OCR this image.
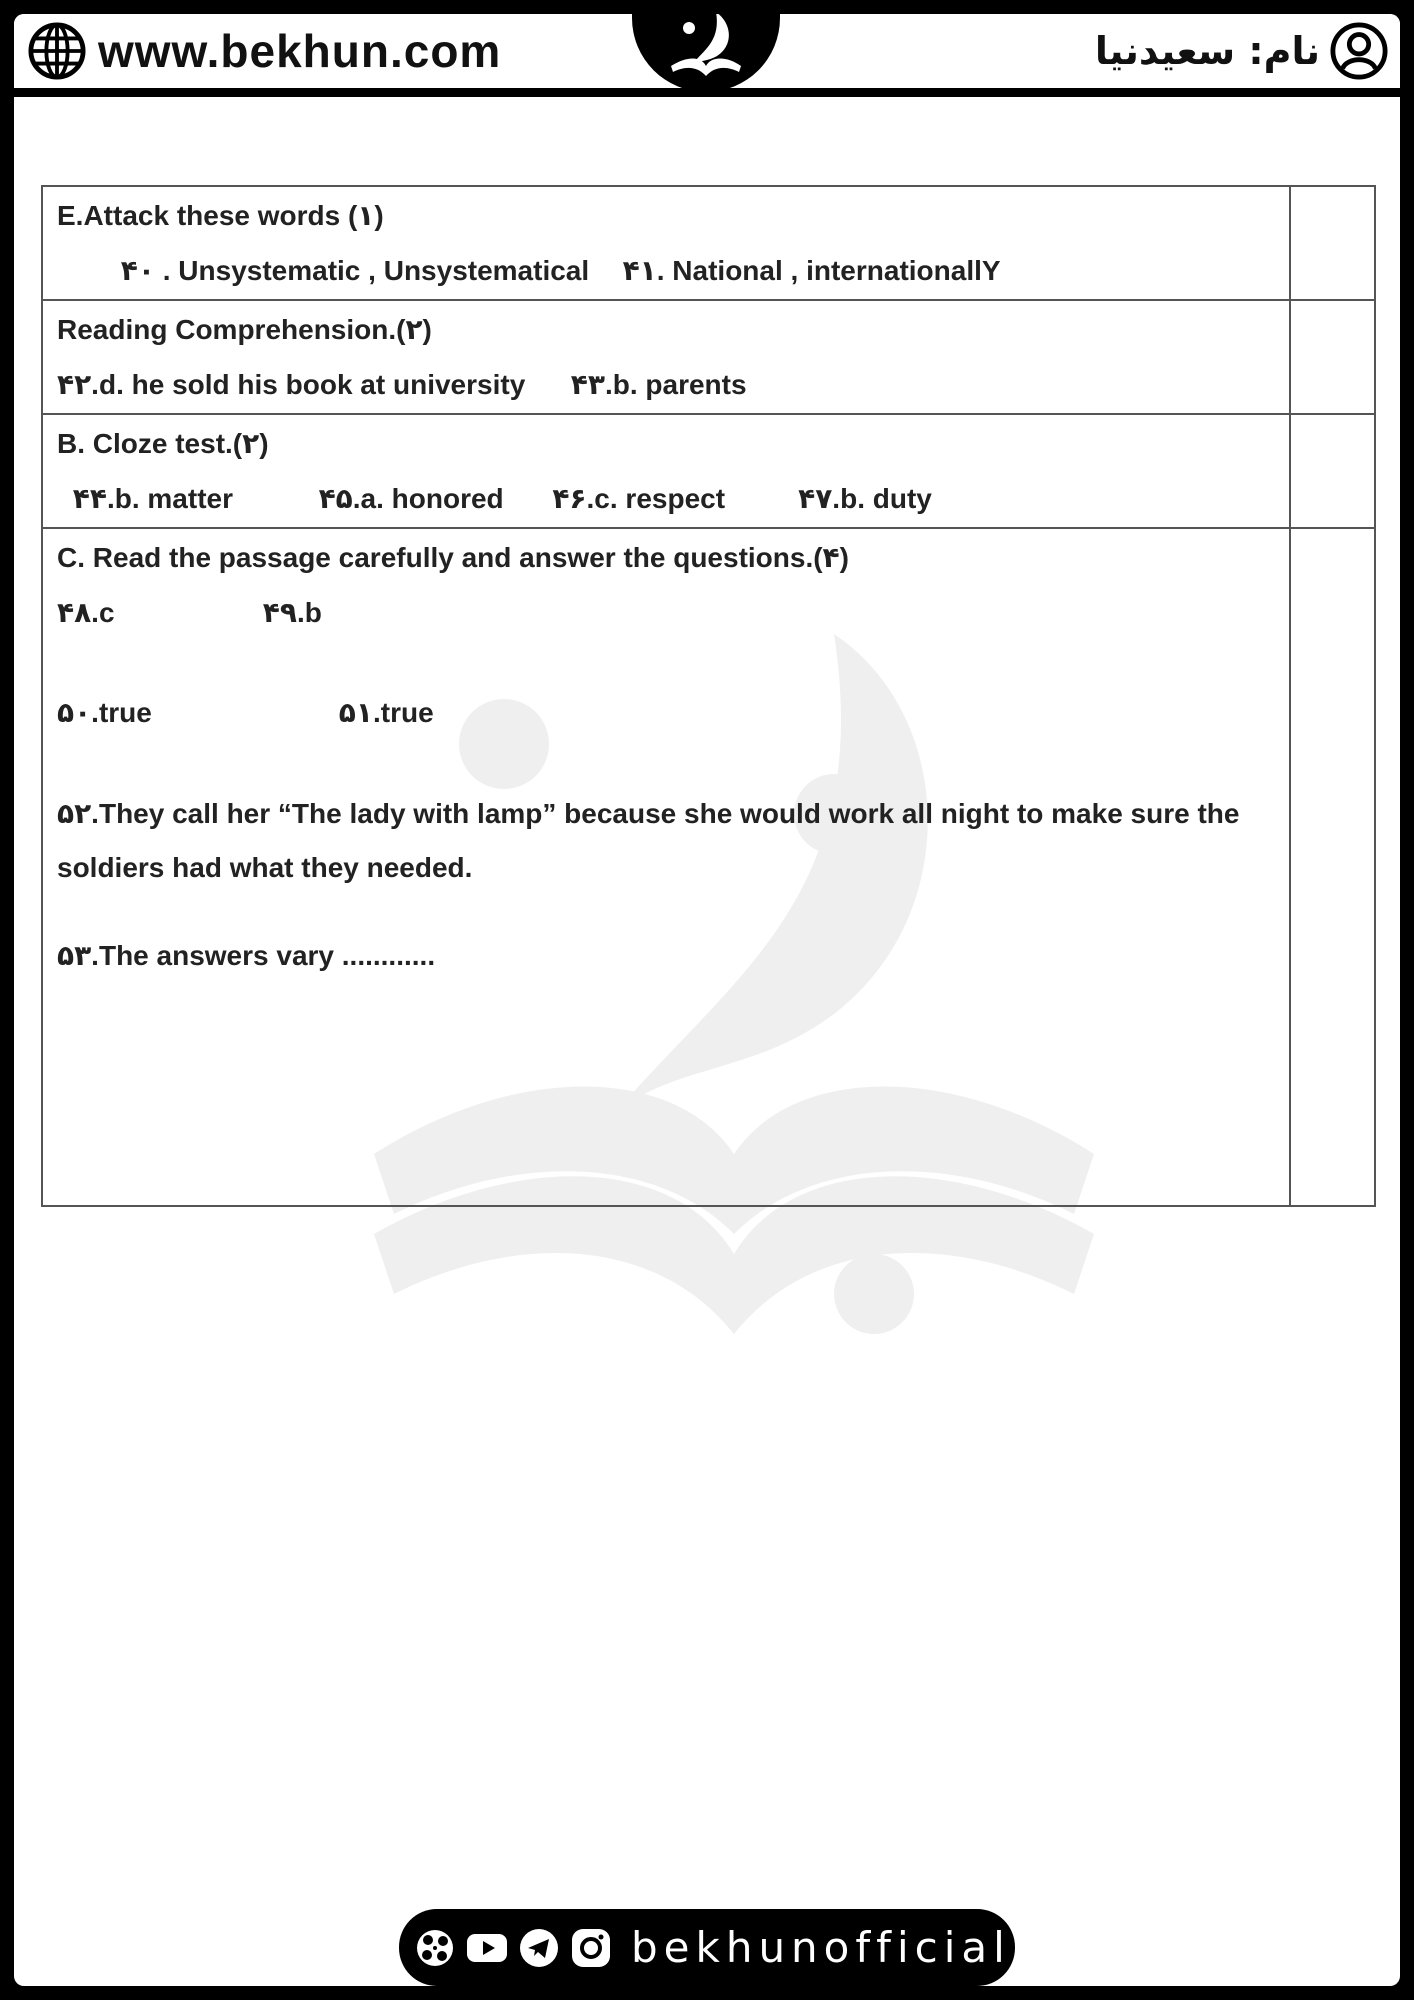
www.bekhun.com	نام: سعیدنیا
E.Attack these words (۱)
۴۰ . Unsystematic , Unsystematical ۴۱. National , internationallY
Reading Comprehension.(۲)
۴۲.d. he sold his book at university ۴۳.b. parents
B. Cloze test.(۲)
۴۴.b. matter	۴۵.a. honored ۴۶.c. respect	۴۷.b. duty
C. Read the passage carefully and answer the questions.(۴)
۴۸.c	۴۹.b
۵۰.true	۵۱.true
۵۲.They call her “The lady with lamp” because she would work all night to make sure the soldiers had what they needed.
۵۳.The answers vary ............
bekhunofficial
